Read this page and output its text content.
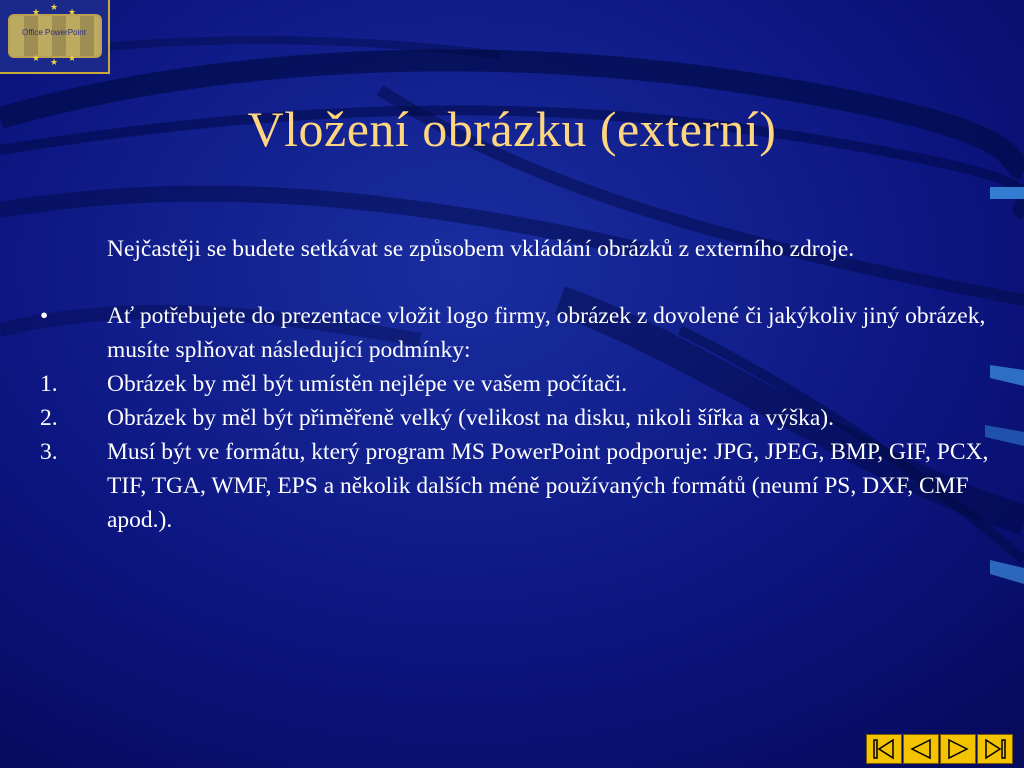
★
★	★
★
★	★
Office PowerPoint
Vložení obrázku (externí)

Nejčastěji se budete setkávat se způsobem vkládání obrázků z externího zdroje.

•	Ať potřebujete do prezentace vložit logo firmy, obrázek z dovolené či jakýkoliv jiný obrázek, musíte splňovat následující podmínky:

1. Obrázek by měl být umístěn nejlépe ve vašem počítači.

2. Obrázek by měl být přiměřeně velký (velikost na disku, nikoli šířka a výška).

3. Musí být ve formátu, který program MS PowerPoint podporuje: JPG, JPEG, BMP, GIF, PCX, TIF, TGA, WMF, EPS a několik dalších méně používaných formátů (neumí PS, DXF, CMF apod.).
